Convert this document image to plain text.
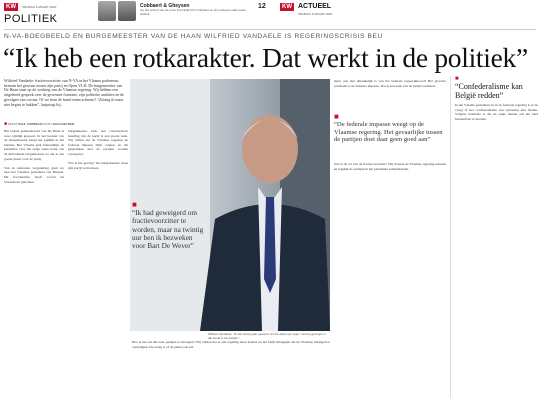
KW	VRIJDAG 6 MAART 2020
POLITIEK
Cobbaert & Gheysen
Op het schoot van de onze Koninkrijk Pim Cobbaert en Jim Gheysen elke week politiek.
12	KW ACTUEEL
VRIJDAG 6 MAART 2020
N-VA-BOEGBEELD EN BURGEMEESTER VAN DE HAAN WILFRIED VANDAELE IS REGERINGSCRISIS BEU
“Ik heb een rotkarakter. Dat werkt in de politiek”
Wilfried Vandaele: fractievoorzitter van N-VA in het Vlaams parlement, hernam het gewone tussen zijn partij en Open VLD. De burgemeester van De Haan staat op de werking van de Vlaamse regering. Wij hebben een uitgebreid gesprek over de gewenste formatie, zijn politieke ambities en de gevolgen van corona. Of we hem de hand tonen achterin? “Zolang ik maar niet begint te hakken”, knipoogt hij.
■ TEKST PAUL CORNELIS FOTO JAN GHEYSEN
Het laatste gemeenteraad van De Haan is weer pijnlijk geweest. In het bestuur van de burgemeester hangt het pijnlijk in het kabinet. Het Vlaams gaat inhoudelijk de kandidaat vast. De enige steun komt van de uittredende burgemeester en dat is een goede plaats voor de partij.

Van de nationale vergadering gaan we naar het Vlaamse parlement van Brussel. Dit fractieleider heeft vooral uit Vlaanderen gekomen.
burgemeester. Ook een constructieve houding van de partij is een goede zaak. Wij willen dat de Vlaamse regering de federale impasse blijft volgen, en dat gesprekken met de partijen worden voortgezet.

Wat is het gevolg? De burgemeester moet zijn partij vertrouwen.
■
“Ik had geweigerd om fractievoorzitter te worden, maar na twintig uur ben ik bezweken voor Bart De Wever”
Wilfried Vandaele: “Ik heb twintig jaar gewerkt. Ik heb altijd mijn eigen mening gezegd en dat werkt in de politiek.”
Hoe is het om die twee partijen te bewegen? Wij vinden dat er een regering moet komen en het blijft belangrijk om de Vlaamse belangen te verdedigen. De vraag is of de partij ook wil.
maar ook niet afhankelijk is van het federale regeerakkoord? Het grootste probleem is de federale impasse. Dat is een zaak van de partijvoorzitters.
■
“De federale impasse weegt op de Vlaamse regering. Het gevaarlijke tussen de partijen doet daar geen goed aan”
Wat is de rol van de fractievoorzitter? Wij moeten de Vlaamse regering steunen en tegelijk de partijen in het parlement samenhouden.
■
“Confederalisme kan België redden”
In het Vlaams parlement en in de federale regering is er de vraag of het confederalisme een oplossing kan bieden. Volgens Vandaele is dat de enige manier om het land bestuurbaar te houden.
